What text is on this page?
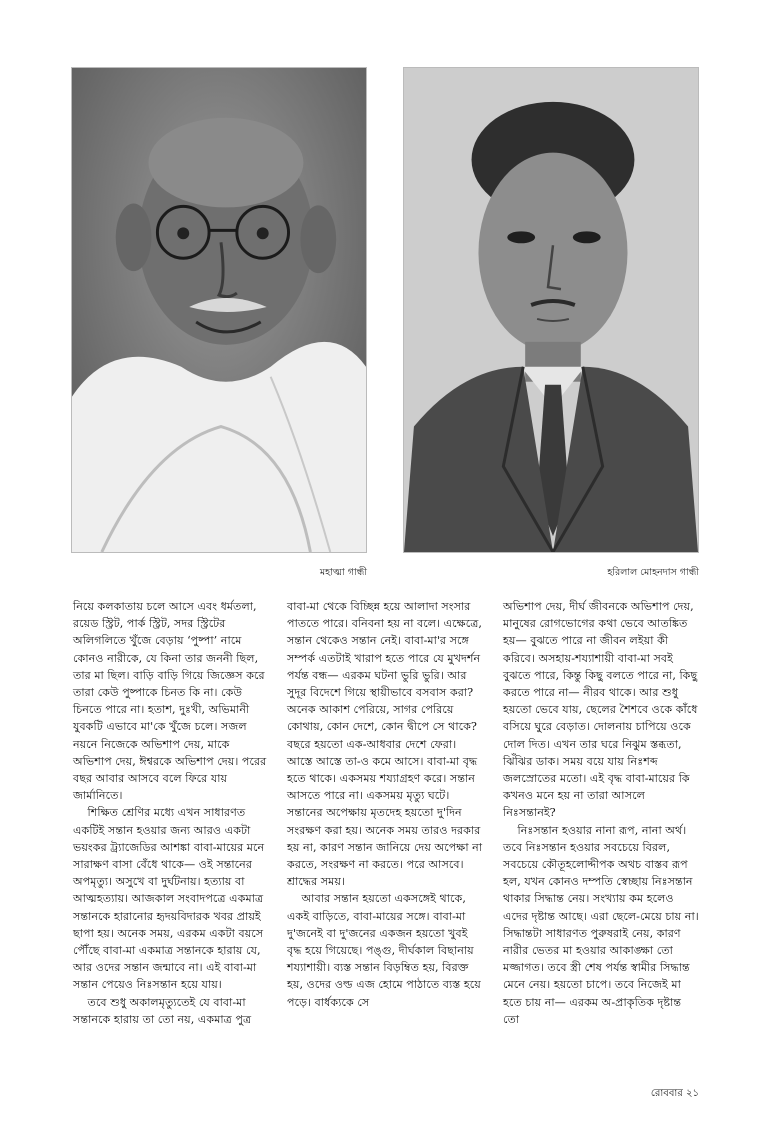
মহাত্মা গান্ধী	হরিলাল মোহনদাস গান্ধী

নিয়ে কলকাতায় চলে আসে এবং ধর্মতলা, রয়েড স্ট্রিট, পার্ক স্ট্রিট, সদর স্ট্রিটের অলিগলিতে খুঁজে বেড়ায় ‘পুষ্পা’ নামে কোনও নারীকে, যে কিনা তার জননী ছিল, তার মা ছিল। বাড়ি বাড়ি গিয়ে জিজ্ঞেস করে তারা কেউ পুষ্পাকে চিনত কি না। কেউ চিনতে পারে না। হতাশ, দুঃখী, অভিমানী যুবকটি এভাবে মা'কে খুঁজে চলে। সজল নয়নে নিজেকে অভিশাপ দেয়, মাকে অভিশাপ দেয়, ঈশ্বরকে অভিশাপ দেয়। পরের বছর আবার আসবে বলে ফিরে যায় জার্মানিতে।

শিক্ষিত শ্রেণির মধ্যে এখন সাধারণত একটিই সন্তান হওয়ার জন্য আরও একটা ভয়ংকর ট্র্যাজেডির আশঙ্কা বাবা-মায়ের মনে সারাক্ষণ বাসা বেঁধে থাকে— ওই সন্তানের অপমৃত্যু। অসুখে বা দুর্ঘটনায়। হত্যায় বা আত্মহত্যায়। আজকাল সংবাদপত্রে একমাত্র সন্তানকে হারানোর হৃদয়বিদারক খবর প্রায়ই ছাপা হয়। অনেক সময়, এরকম একটা বয়সে পৌঁছে বাবা-মা একমাত্র সন্তানকে হারায় যে, আর ওদের সন্তান জন্মাবে না। এই বাবা-মা সন্তান পেয়েও নিঃসন্তান হয়ে যায়।

তবে শুধু অকালমৃত্যুতেই যে বাবা-মা সন্তানকে হারায় তা তো নয়, একমাত্র পুত্র

বাবা-মা থেকে বিচ্ছিন্ন হয়ে আলাদা সংসার পাততে পারে। বনিবনা হয় না বলে। এক্ষেত্রে, সন্তান থেকেও সন্তান নেই। বাবা-মা'র সঙ্গে সম্পর্ক এতটাই খারাপ হতে পারে যে মুখদর্শন পর্যন্ত বন্ধ— এরকম ঘটনা ভুরি ভুরি। আর সুদূর বিদেশে গিয়ে স্থায়ীভাবে বসবাস করা? অনেক আকাশ পেরিয়ে, সাগর পেরিয়ে কোথায়, কোন দেশে, কোন দ্বীপে সে থাকে? বছরে হয়তো এক-আধবার দেশে ফেরা। আস্তে আস্তে তা-ও কমে আসে। বাবা-মা বৃদ্ধ হতে থাকে। একসময় শয্যাগ্রহণ করে। সন্তান আসতে পারে না। একসময় মৃত্যু ঘটে। সন্তানের অপেক্ষায় মৃতদেহ হয়তো দু'দিন সংরক্ষণ করা হয়। অনেক সময় তারও দরকার হয় না, কারণ সন্তান জানিয়ে দেয় অপেক্ষা না করতে, সংরক্ষণ না করতে। পরে আসবে। শ্রাদ্ধের সময়।

আবার সন্তান হয়তো একসঙ্গেই থাকে, একই বাড়িতে, বাবা-মায়ের সঙ্গে। বাবা-মা দু'জনেই বা দু'জনের একজন হয়তো খুবই বৃদ্ধ হয়ে গিয়েছে। পঙ্গু, দীর্ঘকাল বিছানায় শয্যাশায়ী। ব্যস্ত সন্তান বিড়ম্বিত হয়, বিরক্ত হয়, ওদের ওল্ড এজ হোমে পাঠাতে ব্যস্ত হয়ে পড়ে। বার্ধক্যকে সে

অভিশাপ দেয়, দীর্ঘ জীবনকে অভিশাপ দেয়, মানুষের রোগভোগের কথা ভেবে আতঙ্কিত হয়— বুঝতে পারে না জীবন লইয়া কী করিবে। অসহায়-শয্যাশায়ী বাবা-মা সবই বুঝতে পারে, কিন্তু কিছু বলতে পারে না, কিছু করতে পারে না— নীরব থাকে। আর শুধু হয়তো ভেবে যায়, ছেলের শৈশবে ওকে কাঁধে বসিয়ে ঘুরে বেড়াত। দোলনায় চাপিয়ে ওকে দোল দিত। এখন তার ঘরে নিঝুম স্তব্ধতা, ঝিঁঝির ডাক। সময় বয়ে যায় নিঃশব্দ জলস্রোতের মতো। এই বৃদ্ধ বাবা-মায়ের কি কখনও মনে হয় না তারা আসলে নিঃসন্তানই?

নিঃসন্তান হওয়ার নানা রূপ, নানা অর্থ। তবে নিঃসন্তান হওয়ার সবচেয়ে বিরল, সবচেয়ে কৌতূহলোদ্দীপক অথচ বাস্তব রূপ হল, যখন কোনও দম্পতি স্বেচ্ছায় নিঃসন্তান থাকার সিদ্ধান্ত নেয়। সংখ্যায় কম হলেও এদের দৃষ্টান্ত আছে। এরা ছেলে-মেয়ে চায় না। সিদ্ধান্তটা সাধারণত পুরুষরাই নেয়, কারণ নারীর ভেতর মা হওয়ার আকাঙ্ক্ষা তো মজ্জাগত। তবে স্ত্রী শেষ পর্যন্ত স্বামীর সিদ্ধান্ত মেনে নেয়। হয়তো চাপে। তবে নিজেই মা হতে চায় না— এরকম অ-প্রাকৃতিক দৃষ্টান্ত তো

রোববার ২১
